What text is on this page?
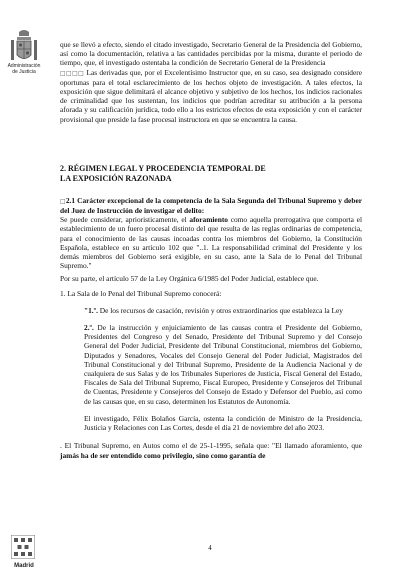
Administración
de Justicia
Madrid

que se llevó a efecto, siendo el citado investigado, Secretario General de la Presidencia del Gobierno, así como la documentación, relativa a las cantidades percibidas por la misma, durante el periodo de tiempo, que, el investigado ostentaba la condición de Secretario General de la Presidencia

□□□□ Las derivadas que, por el Excelentísimo Instructor que, en su caso, sea designado considere oportunas para el total esclarecimiento de los hechos objeto de investigación. A tales efectos, la exposición que sigue delimitará el alcance objetivo y subjetivo de los hechos, los indicios racionales de criminalidad que los sustentan, los indicios que podrían acreditar su atribución a la persona aforada y su calificación jurídica, todo ello a los estrictos efectos de esta exposición y con el carácter provisional que preside la fase procesal instructora en que se encuentra la causa.

2. RÉGIMEN LEGAL Y PROCEDENCIA TEMPORAL DE
LA EXPOSICIÓN RAZONADA

□2.1 Carácter excepcional de la competencia de la Sala Segunda del Tribunal Supremo y deber del Juez de Instrucción de investigar el delito:

Se puede considerar, aprioristicamente, el aforamiento como aquella prerrogativa que comporta el establecimiento de un fuero procesal distinto del que resulta de las reglas ordinarias de competencia, para el conocimiento de las causas incoadas contra los miembros del Gobierno, la Constitución Española, establece en su artículo 102 que "..1. La responsabilidad criminal del Presidente y los demás miembros del Gobierno será exigible, en su caso, ante la Sala de lo Penal del Tribunal Supremo."

Por su parte, el artículo 57 de la Ley Orgánica 6/1985 del Poder Judicial, establece que.

1. La Sala de lo Penal del Tribunal Supremo conocerá:

"1.º. De los recursos de casación, revisión y otros extraordinarios que establezca la Ley

2.º. De la instrucción y enjuiciamiento de las causas contra el Presidente del Gobierno, Presidentes del Congreso y del Senado, Presidente del Tribunal Supremo y del Consejo General del Poder Judicial, Presidente del Tribunal Constitucional, miembros del Gobierno, Diputados y Senadores, Vocales del Consejo General del Poder Judicial, Magistrados del Tribunal Constitucional y del Tribunal Supremo, Presidente de la Audiencia Nacional y de cualquiera de sus Salas y de los Tribunales Superiores de Justicia, Fiscal General del Estado, Fiscales de Sala del Tribunal Supremo, Fiscal Europeo, Presidente y Consejeros del Tribunal de Cuentas, Presidente y Consejeros del Consejo de Estado y Defensor del Pueblo, así como de las causas que, en su caso, determinen los Estatutos de Autonomía.

El investigado, Félix Bolaños García, ostenta la condición de Ministro de la Presidencia, Justicia y Relaciones con Las Cortes, desde el día 21 de noviembre del año 2023.

. El Tribunal Supremo, en Autos como el de 25-1-1995, señala que: "El llamado aforamiento, que jamás ha de ser entendido como privilegio, sino como garantía de

4
